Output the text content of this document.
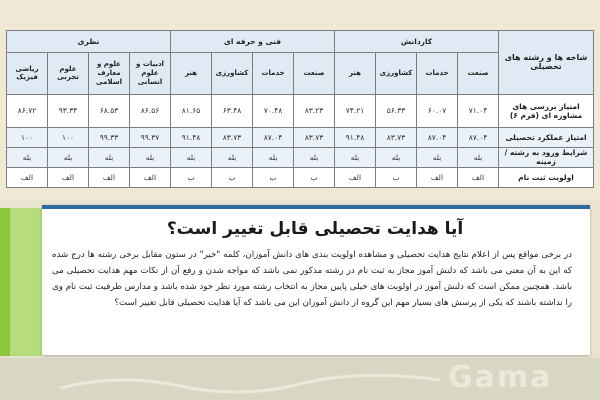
شاخه ها و رشته های تحصیلی	کاردانش				فنی و حرفه ای				نظری			
	صنعت	خدمات	کشاورزی	هنر	صنعت	خدمات	کشاورزی	هنر	ادبیات و علوم انسانی	علوم و معارف اسلامی	علوم تجربی	ریاضی فیزیک
امتیاز بررسی های مشاوره ای (فرم ۶)	۷۱.۰۴	۶۰.۰۷	۵۶.۳۳	۷۴.۲۱	۸۳.۲۳	۷۰.۴۸	۶۳.۴۸	۸۱.۶۵	۸۶.۵۶	۶۸.۵۳	۹۳.۳۴	۸۶.۷۲
امتیاز عملکرد تحصیلی	۸۷.۰۴	۸۷.۰۴	۸۳.۷۳	۹۱.۴۸	۸۳.۷۳	۸۷.۰۴	۸۳.۷۳	۹۱.۴۸	۹۹.۳۷	۹۹.۳۳	۱۰۰	۱۰۰
شرایط ورود به رشته / زمینه	بله	بله	بله	بله	بله	بله	بله	بله	بله	بله	بله	بله
اولویت ثبت نام	الف	الف	ب	الف	ب	ب	ب	ب	الف	الف	الف	الف
آیا هدایت تحصیلی قابل تغییر است؟
در برخی مواقع پس از اعلام نتایج هدایت تحصیلی و مشاهده اولویت بندی های دانش آموزان، کلمه "خیر" در ستون مقابل برخی رشته ها درج شده که این به آن معنی می باشد که دلنش آموز مجاز به ثبت نام در رشته مذکور نمی باشد که مواجه شدن و رفع آن از نکات مهم هدایت تحصیلی می باشد. همچنین ممکن است که دلنش آموز در اولویت های خیلی پایین مجاز به انتخاب رشته مورد نظر خود شده باشد و مدارس ظرفیت ثبت نام وی را نداشته باشند که یکی از پرسش های بسیار مهم این گروه از دانش آموزان این می باشد که آیا هدایت تحصیلی قابل تغییر است؟
Gama
